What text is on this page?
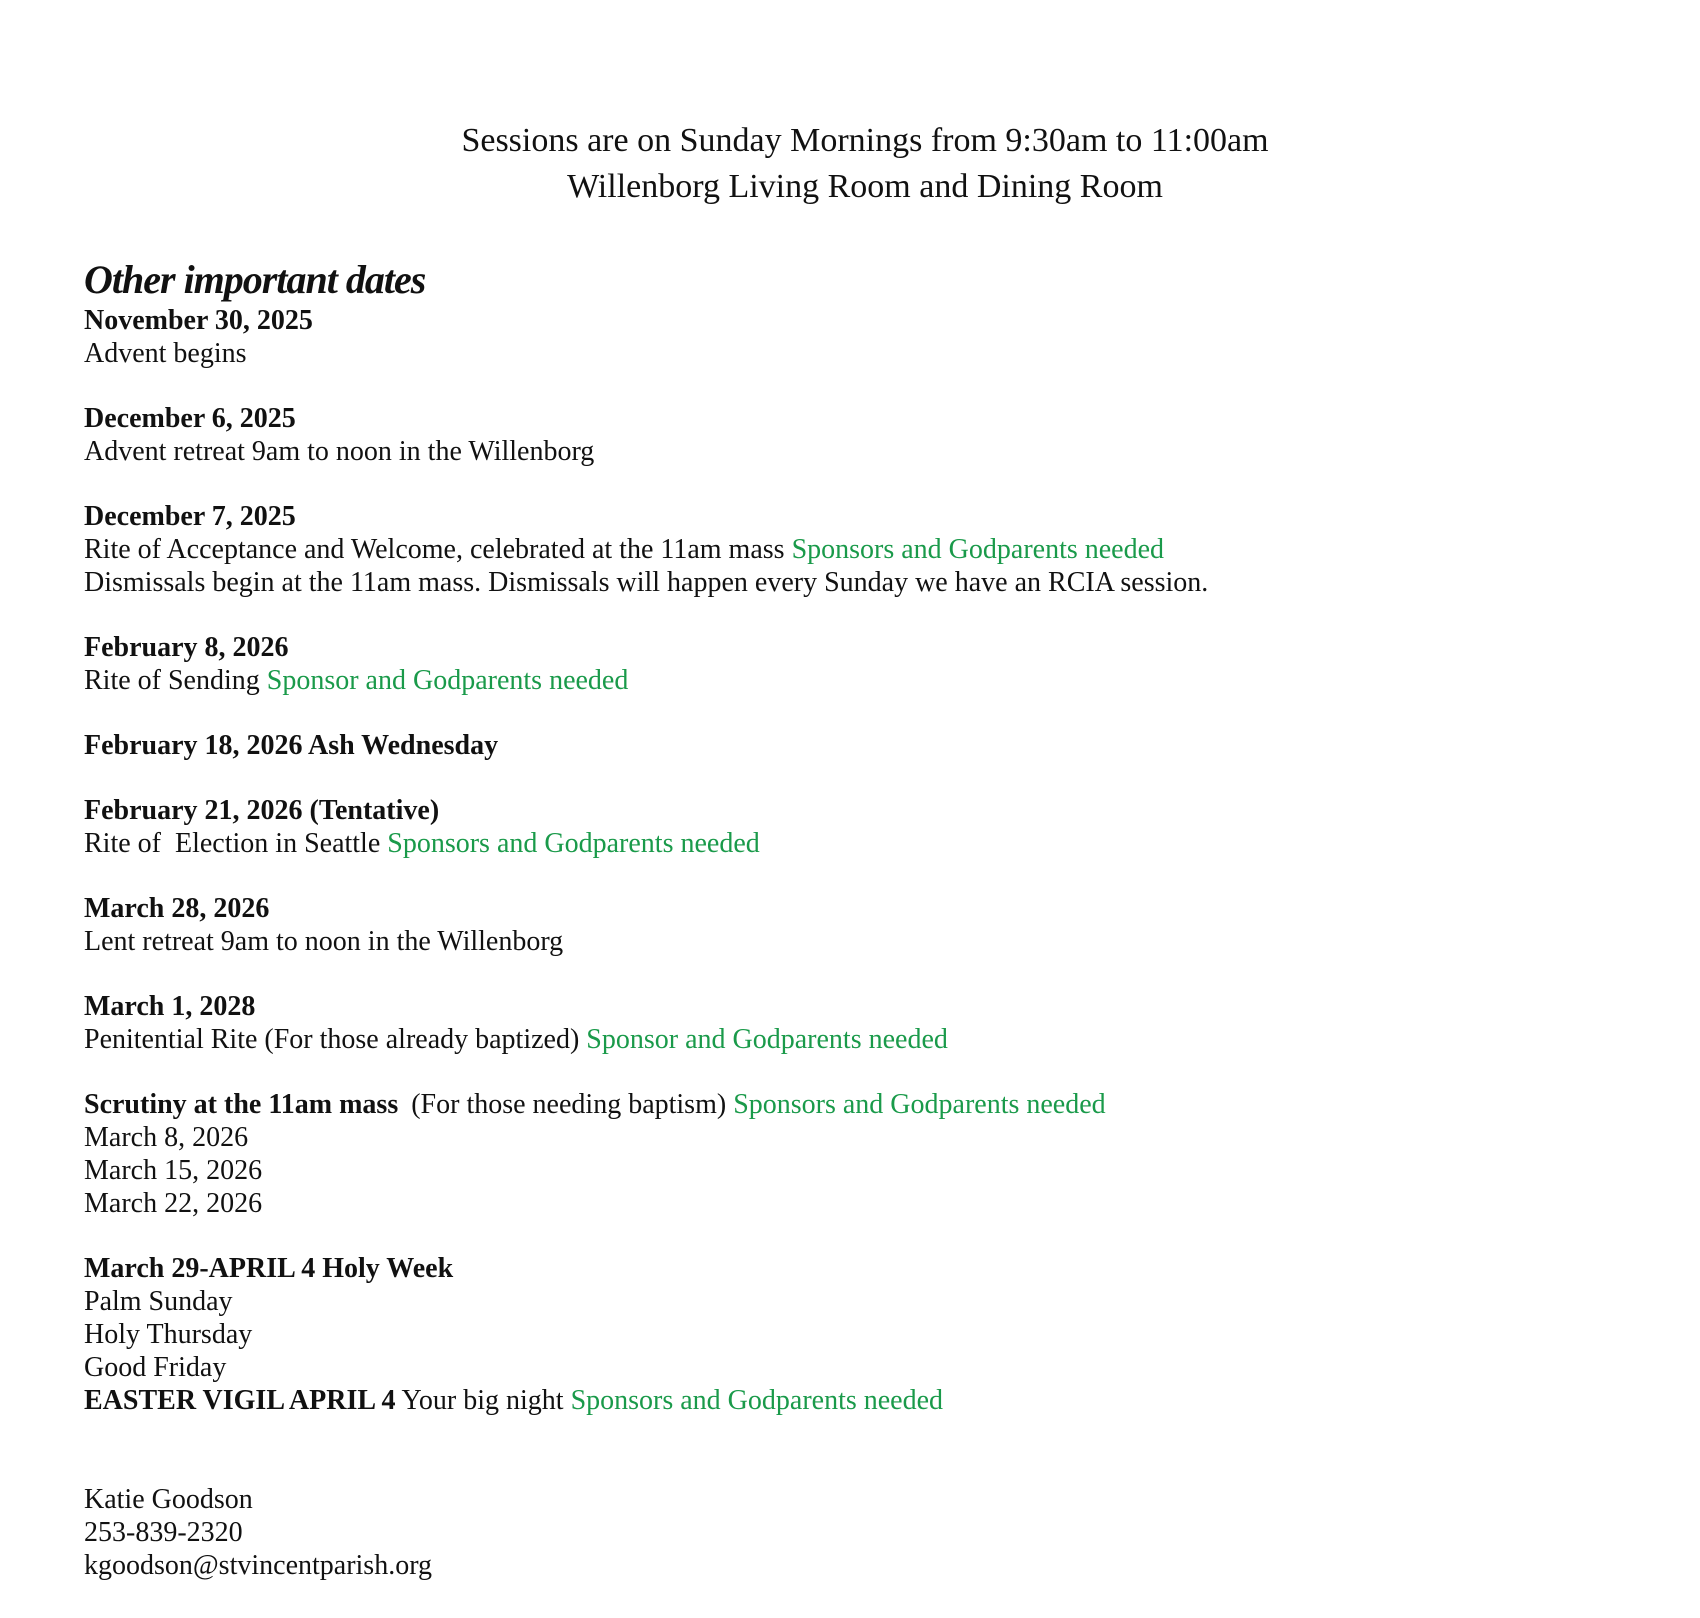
Sessions are on Sunday Mornings from 9:30am to 11:00am
Willenborg Living Room and Dining Room
Other important dates
November 30, 2025
Advent begins
December 6, 2025
Advent retreat 9am to noon in the Willenborg
December 7, 2025
Rite of Acceptance and Welcome, celebrated at the 11am mass Sponsors and Godparents needed
Dismissals begin at the 11am mass. Dismissals will happen every Sunday we have an RCIA session.
February 8, 2026
Rite of Sending Sponsor and Godparents needed
February 18, 2026 Ash Wednesday
February 21, 2026 (Tentative)
Rite of  Election in Seattle Sponsors and Godparents needed
March 28, 2026
Lent retreat 9am to noon in the Willenborg
March 1, 2028
Penitential Rite (For those already baptized) Sponsor and Godparents needed
Scrutiny at the 11am mass (For those needing baptism) Sponsors and Godparents needed
March 8, 2026
March 15, 2026
March 22, 2026
March 29-APRIL 4 Holy Week
Palm Sunday
Holy Thursday
Good Friday
EASTER VIGIL APRIL 4 Your big night Sponsors and Godparents needed
Katie Goodson
253-839-2320
kgoodson@stvincentparish.org
